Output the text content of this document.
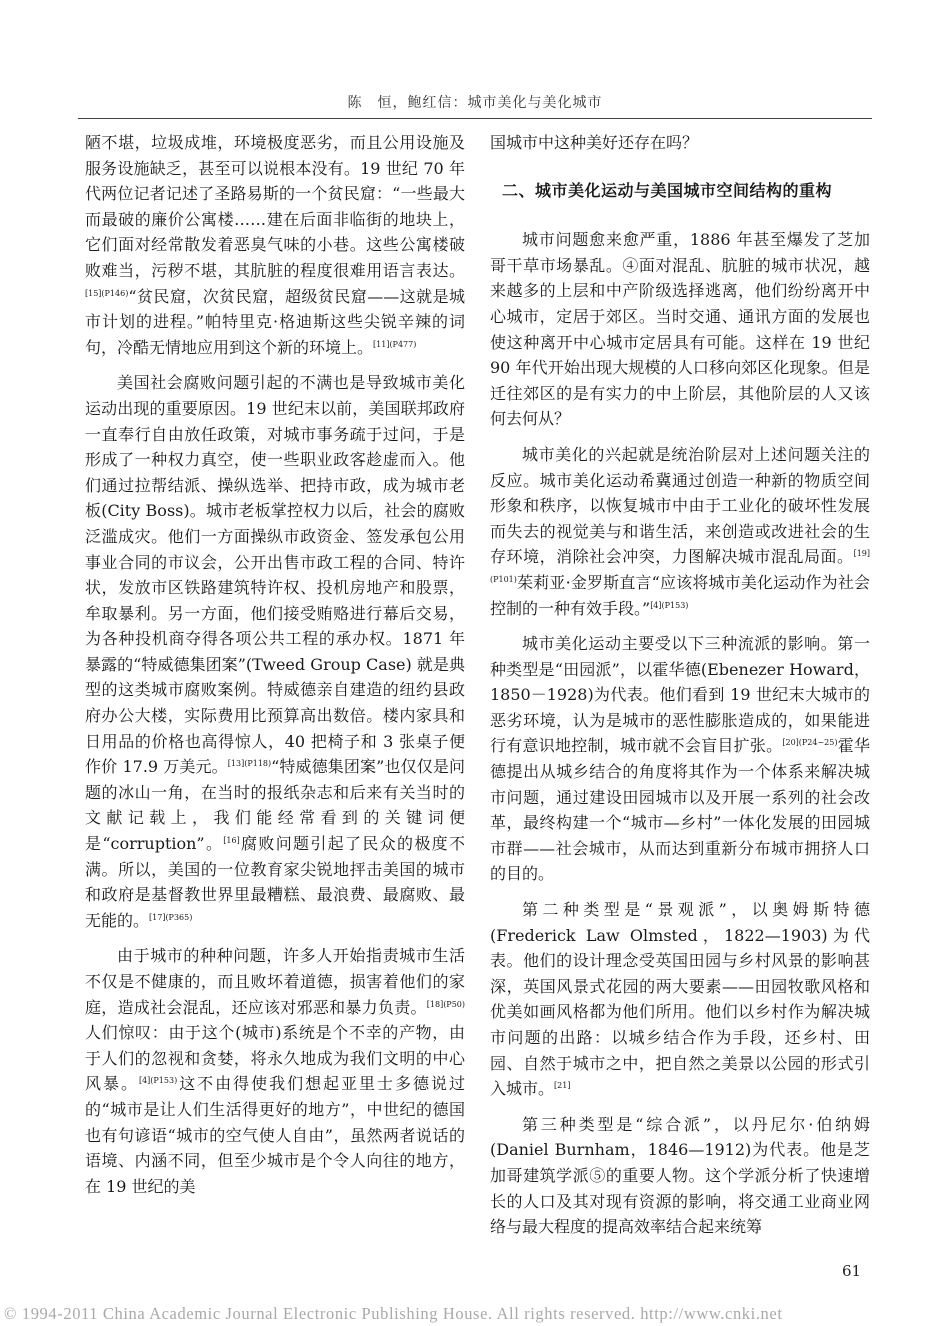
陈　恒，鲍红信：城市美化与美化城市

陋不堪，垃圾成堆，环境极度恶劣，而且公用设施及服务设施缺乏，甚至可以说根本没有。19 世纪 70 年代两位记者记述了圣路易斯的一个贫民窟：“一些最大而最破的廉价公寓楼……建在后面非临街的地块上，它们面对经常散发着恶臭气味的小巷。这些公寓楼破败难当，污秽不堪，其肮脏的程度很难用语言表达。$^{[15](P146)}$“贫民窟，次贫民窟，超级贫民窟——这就是城市计划的进程。”帕特里克·格迪斯这些尖锐辛辣的词句，冷酷无情地应用到这个新的环境上。$^{[11](P477)}$

美国社会腐败问题引起的不满也是导致城市美化运动出现的重要原因。19 世纪末以前，美国联邦政府一直奉行自由放任政策，对城市事务疏于过问，于是形成了一种权力真空，使一些职业政客趁虚而入。他们通过拉帮结派、操纵选举、把持市政，成为城市老板(City Boss)。城市老板掌控权力以后，社会的腐败泛滥成灾。他们一方面操纵市政资金、签发承包公用事业合同的市议会，公开出售市政工程的合同、特许状，发放市区铁路建筑特许权、投机房地产和股票，牟取暴利。另一方面，他们接受贿赂进行幕后交易，为各种投机商夺得各项公共工程的承办权。1871 年暴露的“特威德集团案”(Tweed Group Case) 就是典型的这类城市腐败案例。特威德亲自建造的纽约县政府办公大楼，实际费用比预算高出数倍。楼内家具和日用品的价格也高得惊人，40 把椅子和 3 张桌子便作价 17.9 万美元。$^{[13](P118)}$“特威德集团案”也仅仅是问题的冰山一角，在当时的报纸杂志和后来有关当时的文献记载上，我们能经常看到的关键词便是“corruption”。[16]腐败问题引起了民众的极度不满。所以，美国的一位教育家尖锐地抨击美国的城市和政府是基督教世界里最糟糕、最浪费、最腐败、最无能的。$^{[17](P365)}$

由于城市的种种问题，许多人开始指责城市生活不仅是不健康的，而且败坏着道德，损害着他们的家庭，造成社会混乱，还应该对邪恶和暴力负责。$^{[18](P50)}$人们惊叹：由于这个(城市)系统是个不幸的产物，由于人们的忽视和贪婪，将永久地成为我们文明的中心风暴。$^{[4](P153)}$这不由得使我们想起亚里士多德说过的“城市是让人们生活得更好的地方”，中世纪的德国也有句谚语“城市的空气使人自由”，虽然两者说话的语境、内涵不同，但至少城市是个令人向往的地方，在 19 世纪的美

国城市中这种美好还存在吗？

二、城市美化运动与美国城市空间结构的重构

城市问题愈来愈严重，1886 年甚至爆发了芝加哥干草市场暴乱。④面对混乱、肮脏的城市状况，越来越多的上层和中产阶级选择逃离，他们纷纷离开中心城市，定居于郊区。当时交通、通讯方面的发展也使这种离开中心城市定居具有可能。这样在 19 世纪 90 年代开始出现大规模的人口移向郊区化现象。但是迁往郊区的是有实力的中上阶层，其他阶层的人又该何去何从？

城市美化的兴起就是统治阶层对上述问题关注的反应。城市美化运动希冀通过创造一种新的物质空间形象和秩序，以恢复城市中由于工业化的破坏性发展而失去的视觉美与和谐生活，来创造或改进社会的生存环境，消除社会冲突，力图解决城市混乱局面。$^{[19](P101)}$茱莉亚·金罗斯直言“应该将城市美化运动作为社会控制的一种有效手段。”$^{[4](P153)}$

城市美化运动主要受以下三种流派的影响。第一种类型是“田园派”，以霍华德(Ebenezer Howard，1850－1928)为代表。他们看到 19 世纪末大城市的恶劣环境，认为是城市的恶性膨胀造成的，如果能进行有意识地控制，城市就不会盲目扩张。$^{[20](P24\sim 25)}$霍华德提出从城乡结合的角度将其作为一个体系来解决城市问题，通过建设田园城市以及开展一系列的社会改革，最终构建一个“城市—乡村”一体化发展的田园城市群——社会城市，从而达到重新分布城市拥挤人口的目的。

第二种类型是“景观派”，以奥姆斯特德(Frederick Law Olmsted，1822—1903)为代表。他们的设计理念受英国田园与乡村风景的影响甚深，英国风景式花园的两大要素——田园牧歌风格和优美如画风格都为他们所用。他们以乡村作为解决城市问题的出路：以城乡结合作为手段，还乡村、田园、自然于城市之中，把自然之美景以公园的形式引入城市。[21]

第三种类型是“综合派”，以丹尼尔·伯纳姆(Daniel Burnham，1846—1912)为代表。他是芝加哥建筑学派⑤的重要人物。这个学派分析了快速增长的人口及其对现有资源的影响，将交通工业商业网络与最大程度的提高效率结合起来统筹

61
© 1994-2011 China Academic Journal Electronic Publishing House. All rights reserved. http://www.cnki.net
